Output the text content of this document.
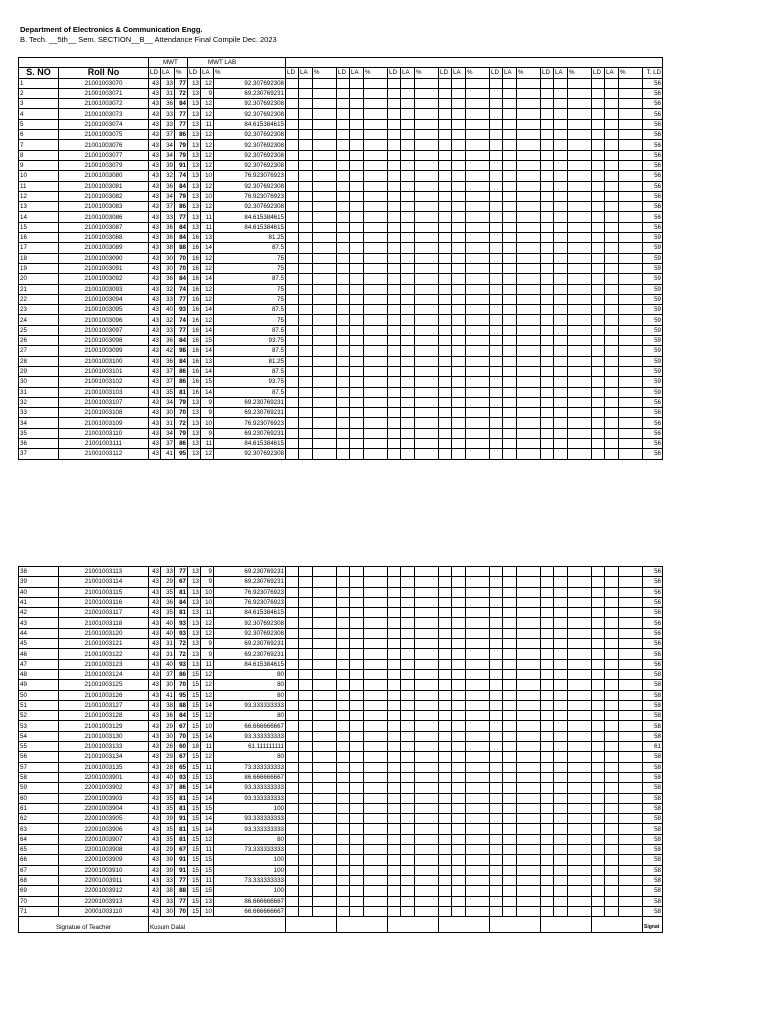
Department of Electronics & Communication Engg.
B. Tech. __5th__ Sem. SECTION__B__ Attendance Final Compile Dec. 2023
		MWT			MWT LAB																								
S. NO	Roll No	LD	LA	%	LD	LA	%	LD	LA	%	LD	LA	%	LD	LA	%	LD	LA	%	LD	LA	%	LD	LA	%	LD	LA	%	T. LD
1	21001003070	43	33	77	13	12	92.307692308																						56
2	21001003071	43	31	72	13	9	69.230769231																						56
3	21001003072	43	36	84	13	12	92.307692308																						56
4	21001003073	43	33	77	13	12	92.307692308																						56
5	21001003074	43	33	77	13	11	84.615384615																						56
6	21001003075	43	37	86	13	12	92.307692308																						56
7	21001003076	43	34	79	13	12	92.307692308																						56
8	21001003077	43	34	79	13	12	92.307692308																						56
9	21001003079	43	39	91	13	12	92.307692308																						56
10	21001003080	43	32	74	13	10	76.923076923																						56
11	21001003081	43	36	84	13	12	92.307692308																						56
12	21001003082	43	34	79	13	10	76.923076923																						56
13	21001003083	43	37	86	13	12	92.307692308																						56
14	21001003086	43	33	77	13	11	84.615384615																						56
15	21001003087	43	36	84	13	11	84.615384615																						56
16	21001003088	43	36	84	16	13	81.25																						59
17	21001003089	43	38	88	16	14	87.5																						59
18	21001003090	43	30	70	16	12	75																						59
19	21001003091	43	30	70	16	12	75																						59
20	21001003092	43	36	84	16	14	87.5																						59
21	21001003093	43	32	74	16	12	75																						59
22	21001003094	43	33	77	16	12	75																						59
23	21001003095	43	40	93	16	14	87.5																						59
24	21001003096	43	32	74	16	12	75																						59
25	21001003097	43	33	77	16	14	87.5																						59
26	21001003098	43	36	84	16	15	93.75																						59
27	21001003099	43	42	98	16	14	87.5																						59
28	21001003100	43	36	84	16	13	81.25																						59
29	21001003101	43	37	86	16	14	87.5																						59
30	21001003102	43	37	86	16	15	93.75																						59
31	21001003103	43	35	81	16	14	87.5																						59
32	21001003107	43	34	79	13	9	69.230769231																						56
33	21001003108	43	30	70	13	9	69.230769231																						56
34	21001003109	43	31	72	13	10	76.923076923																						56
35	21001003110	43	34	79	13	9	69.230769231																						56
36	21001003111	43	37	86	13	11	84.615384615																						56
37	21001003112	43	41	95	13	12	92.307692308																						56
38	21001003113	43	33	77	13	9	69.230769231																						56
39	21001003114	43	29	67	13	9	69.230769231																						56
40	21001003115	43	35	81	13	10	76.923076923																						56
41	21001003116	43	36	84	13	10	76.923076923																						56
42	21001003117	43	35	81	13	11	84.615384615																						56
43	21001003118	43	40	93	13	12	92.307692308																						56
44	21001003120	43	40	93	13	12	92.307692308																						56
45	21001003121	43	31	72	13	9	69.230769231																						56
46	21001003122	43	31	72	13	9	69.230769231																						56
47	21001003123	43	40	93	13	11	84.615384615																						56
48	21001003124	43	37	86	15	12	80																						58
49	21001003125	43	30	70	15	12	80																						58
50	21001003126	43	41	95	15	12	80																						58
51	21001003127	43	38	88	15	14	93.333333333																						58
52	21001003128	43	36	84	15	12	80																						58
53	21001003129	43	29	67	15	10	66.666666667																						58
54	21001003130	43	30	70	15	14	93.333333333																						58
55	21001003133	43	26	60	18	11	61.111111111																						61
56	21001003134	43	29	67	15	12	80																						58
57	21001003135	43	28	65	15	11	73.333333333																						58
58	22001003901	43	40	93	15	13	86.666666667																						58
59	22001003902	43	37	86	15	14	93.333333333																						58
60	22001003903	43	35	81	15	14	93.333333333																						58
61	22001003904	43	35	81	15	15	100																						58
62	22001003905	43	39	91	15	14	93.333333333																						58
63	22001003906	43	35	81	15	14	93.333333333																						58
64	22001003907	43	35	81	15	12	80																						58
65	22001003908	43	29	67	15	11	73.333333333																						58
66	22001003909	43	39	91	15	15	100																						58
67	22001003910	43	39	91	15	15	100																						58
68	22001003911	43	33	77	15	11	73.333333333																						58
69	22001003912	43	38	88	15	15	100																						58
70	22001003913	43	33	77	15	13	86.666666667																						58
71	20001003110	43	30	70	15	10	66.666666667																						58
Signatue of Teacher		Kusum Dalal																											Signat
